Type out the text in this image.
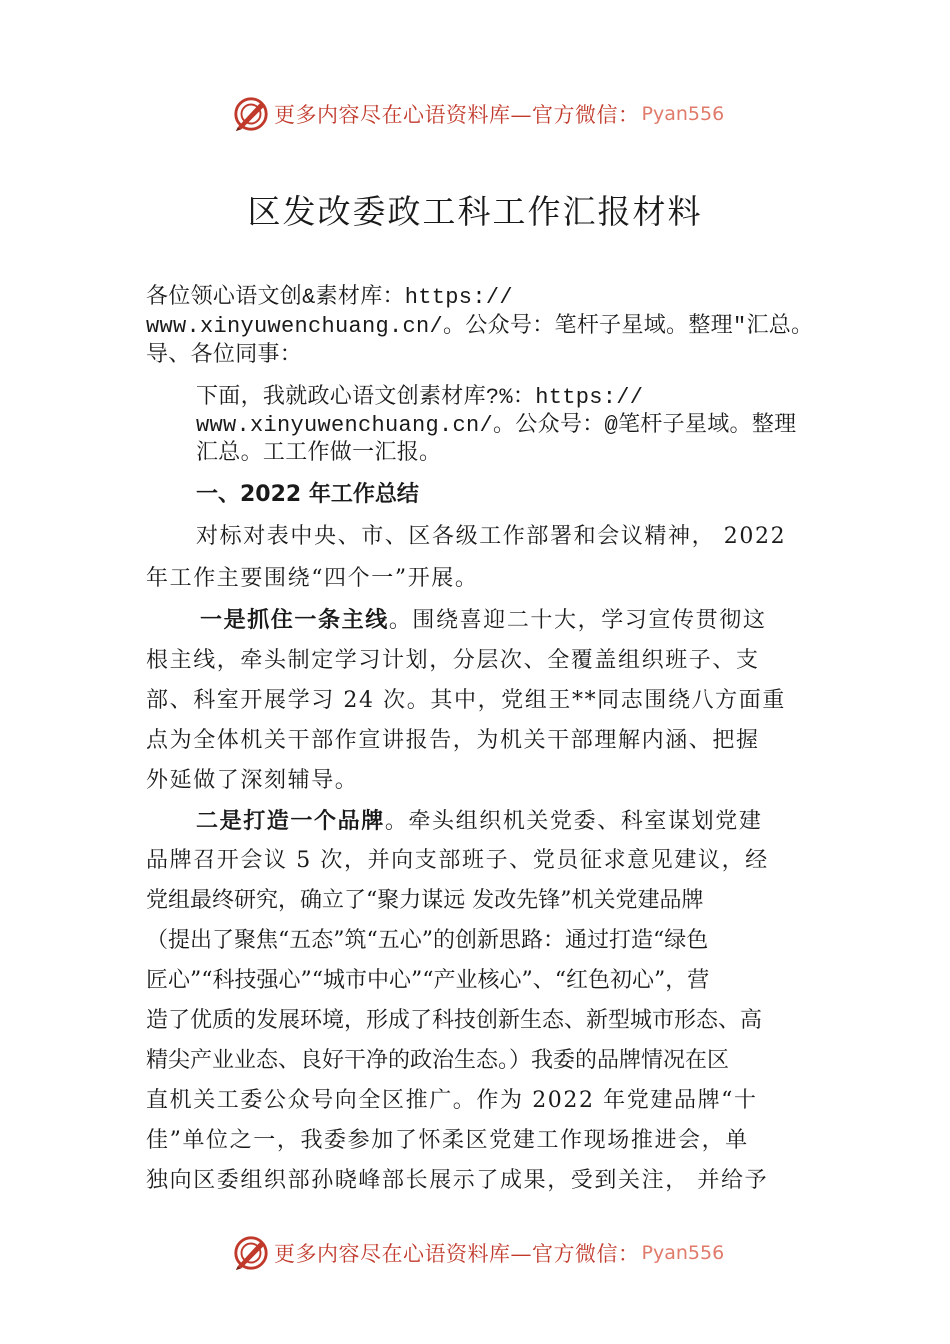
更多内容尽在心语资料库—官方微信： Pyan556
区发改委政工科工作汇报材料
各位领心语文创&素材库：https://
www.xinyuwenchuang.cn/。公众号：笔杆子星域。整理"汇总。
导、各位同事：
下面，我就政心语文创素材库?%：https://
www.xinyuwenchuang.cn/。公众号：@笔杆子星域。整理
汇总。工工作做一汇报。
一、2022 年工作总结
对标对表中央、市、区各级工作部署和会议精神， 2022
年工作主要围绕“四个一”开展。
一是抓住一条主线。围绕喜迎二十大，学习宣传贯彻这
根主线，牵头制定学习计划，分层次、全覆盖组织班子、支
部、科室开展学习 24 次。其中，党组王**同志围绕八方面重
点为全体机关干部作宣讲报告，为机关干部理解内涵、把握
外延做了深刻辅导。
二是打造一个品牌。牵头组织机关党委、科室谋划党建
品牌召开会议 5 次，并向支部班子、党员征求意见建议，经
党组最终研究，确立了“聚力谋远 发改先锋”机关党建品牌
（提出了聚焦“五态”筑“五心”的创新思路：通过打造“绿色
匠心”“科技强心”“城市中心”“产业核心”、“红色初心”，营
造了优质的发展环境，形成了科技创新生态、新型城市形态、高
精尖产业业态、良好干净的政治生态。）我委的品牌情况在区
直机关工委公众号向全区推广。作为 2022 年党建品牌“十
佳”单位之一，我委参加了怀柔区党建工作现场推进会，单
独向区委组织部孙晓峰部长展示了成果，受到关注， 并给予
更多内容尽在心语资料库—官方微信： Pyan556
